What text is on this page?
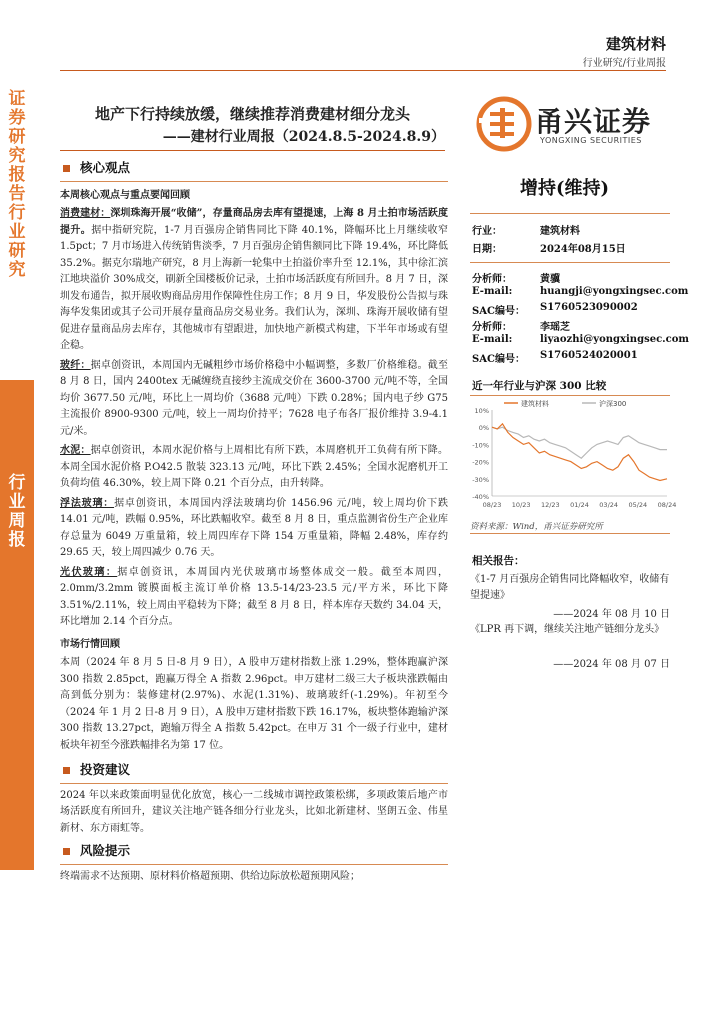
建筑材料
行业研究/行业周报
证券研究报告 行业研究
行业周报
地产下行持续放缓，继续推荐消费建材细分龙头
——建材行业周报（2024.8.5-2024.8.9）	甬兴证券
YONGXING SECURITIES
增持(维持)
行业：	建筑材料
日期：	2024年08月15日
分析师：	黄骥
E-mail:	huangji@yongxingsec.com
SAC编号： S1760523090002
分析师：	李瑶芝
E-mail:	liyaozhi@yongxingsec.com
SAC编号： S1760524020001
近一年行业与沪深 300 比较
10%
0%
-10%
-20%
-30%
-40%
08/23 10/23 12/23 01/24 03/24 05/24 08/24
建筑材料	沪深300
资料来源：Wind，甬兴证券研究所
相关报告：
《1-7 月百强房企销售同比降幅收窄，收储有望提速》
——2024 年 08 月 10 日
《LPR 再下调，继续关注地产链细分龙头》
——2024 年 08 月 07 日
核心观点
本周核心观点与重点要闻回顾

消费建材：深圳珠海开展“收储”，存量商品房去库有望提速，上海 8 月土拍市场活跃度提升。据中指研究院，1-7 月百强房企销售同比下降 40.1%，降幅环比上月继续收窄 1.5pct；7 月市场进入传统销售淡季，7 月百强房企销售额同比下降 19.4%，环比降低 35.2%。据克尔瑞地产研究，8 月上海新一轮集中土拍溢价率升至 12.1%，其中徐汇滨江地块溢价 30%成交，刷新全国楼板价记录，土拍市场活跃度有所回升。8 月 7 日，深圳发布通告，拟开展收购商品房用作保障性住房工作；8 月 9 日，华发股份公告拟与珠海华发集团或其子公司开展存量商品房交易业务。我们认为，深圳、珠海开展收储有望促进存量商品房去库存，其他城市有望跟进，加快地产新模式构建，下半年市场或有望企稳。

玻纤：据卓创资讯，本周国内无碱粗纱市场价格稳中小幅调整，多数厂价格维稳。截至 8 月 8 日，国内 2400tex 无碱缠绕直接纱主流成交价在 3600-3700 元/吨不等，全国均价 3677.50 元/吨，环比上一周均价（3688 元/吨）下跌 0.28%；国内电子纱 G75 主流报价 8900-9300 元/吨，较上一周均价持平；7628 电子布各厂报价维持 3.9-4.1 元/米。

水泥：据卓创资讯，本周水泥价格与上周相比有所下跌，本周磨机开工负荷有所下降。本周全国水泥价格 P.O42.5 散装 323.13 元/吨，环比下跌 2.45%；全国水泥磨机开工负荷均值 46.30%，较上周下降 0.21 个百分点，由升转降。

浮法玻璃：据卓创资讯，本周国内浮法玻璃均价 1456.96 元/吨，较上周均价下跌 14.01 元/吨，跌幅 0.95%，环比跌幅收窄。截至 8 月 8 日，重点监测省份生产企业库存总量为 6049 万重量箱，较上周四库存下降 154 万重量箱，降幅 2.48%，库存约 29.65 天，较上周四减少 0.76 天。

光伏玻璃：据卓创资讯，本周国内光伏玻璃市场整体成交一般。截至本周四，2.0mm/3.2mm 镀膜面板主流订单价格 13.5-14/23-23.5 元/平方米，环比下降 3.51%/2.11%，较上周由平稳转为下降；截至 8 月 8 日，样本库存天数约 34.04 天，环比增加 2.14 个百分点。

市场行情回顾

本周（2024 年 8 月 5 日-8 月 9 日），A 股申万建材指数上涨 1.29%，整体跑赢沪深 300 指数 2.85pct，跑赢万得全 A 指数 2.96pct。申万建材二级三大子板块涨跌幅由高到低分别为：装修建材(2.97%)、水泥(1.31%)、玻璃玻纤(-1.29%)。年初至今（2024 年 1 月 2 日-8 月 9 日），A 股申万建材指数下跌 16.17%，板块整体跑输沪深 300 指数 13.27pct，跑输万得全 A 指数 5.42pct。在申万 31 个一级子行业中，建材板块年初至今涨跌幅排名为第 17 位。

投资建议

2024 年以来政策面明显优化放宽，核心一二线城市调控政策松绑，多项政策后地产市场活跃度有所回升，建议关注地产链各细分行业龙头，比如北新建材、坚朗五金、伟星新材、东方雨虹等。

风险提示

终端需求不达预期、原材料价格超预期、供给边际放松超预期风险；
